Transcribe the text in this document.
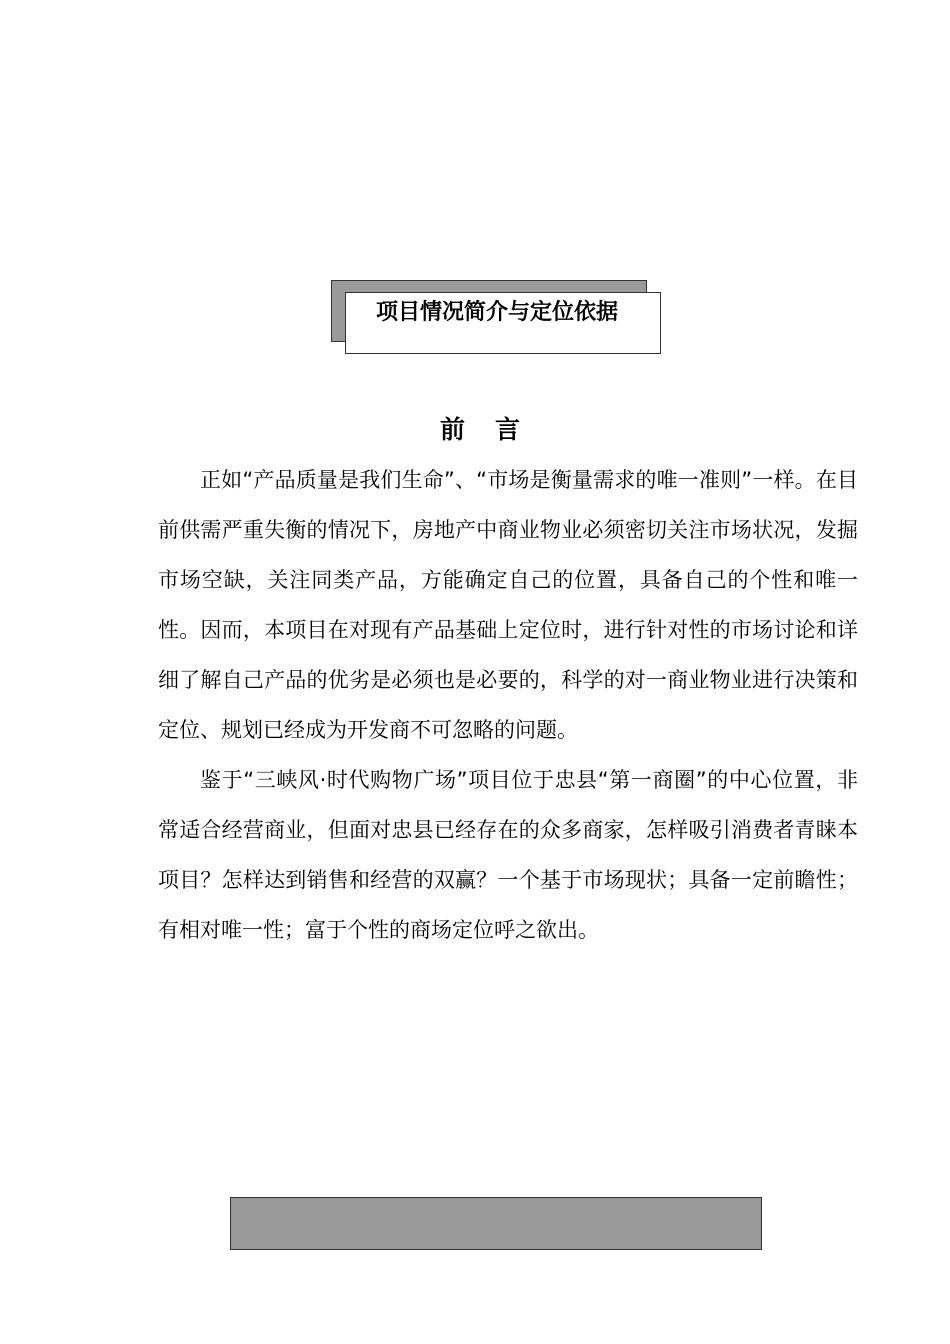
项目情况简介与定位依据
前言

正如“产品质量是我们生命”、“市场是衡量需求的唯一准则”一样。在目前供需严重失衡的情况下，房地产中商业物业必须密切关注市场状况，发掘市场空缺，关注同类产品，方能确定自己的位置，具备自己的个性和唯一性。因而，本项目在对现有产品基础上定位时，进行针对性的市场讨论和详细了解自己产品的优劣是必须也是必要的，科学的对一商业物业进行决策和定位、规划已经成为开发商不可忽略的问题。

鉴于“三峡风·时代购物广场”项目位于忠县“第一商圈”的中心位置，非常适合经营商业，但面对忠县已经存在的众多商家，怎样吸引消费者青睐本项目？怎样达到销售和经营的双赢？一个基于市场现状；具备一定前瞻性；有相对唯一性；富于个性的商场定位呼之欲出。
